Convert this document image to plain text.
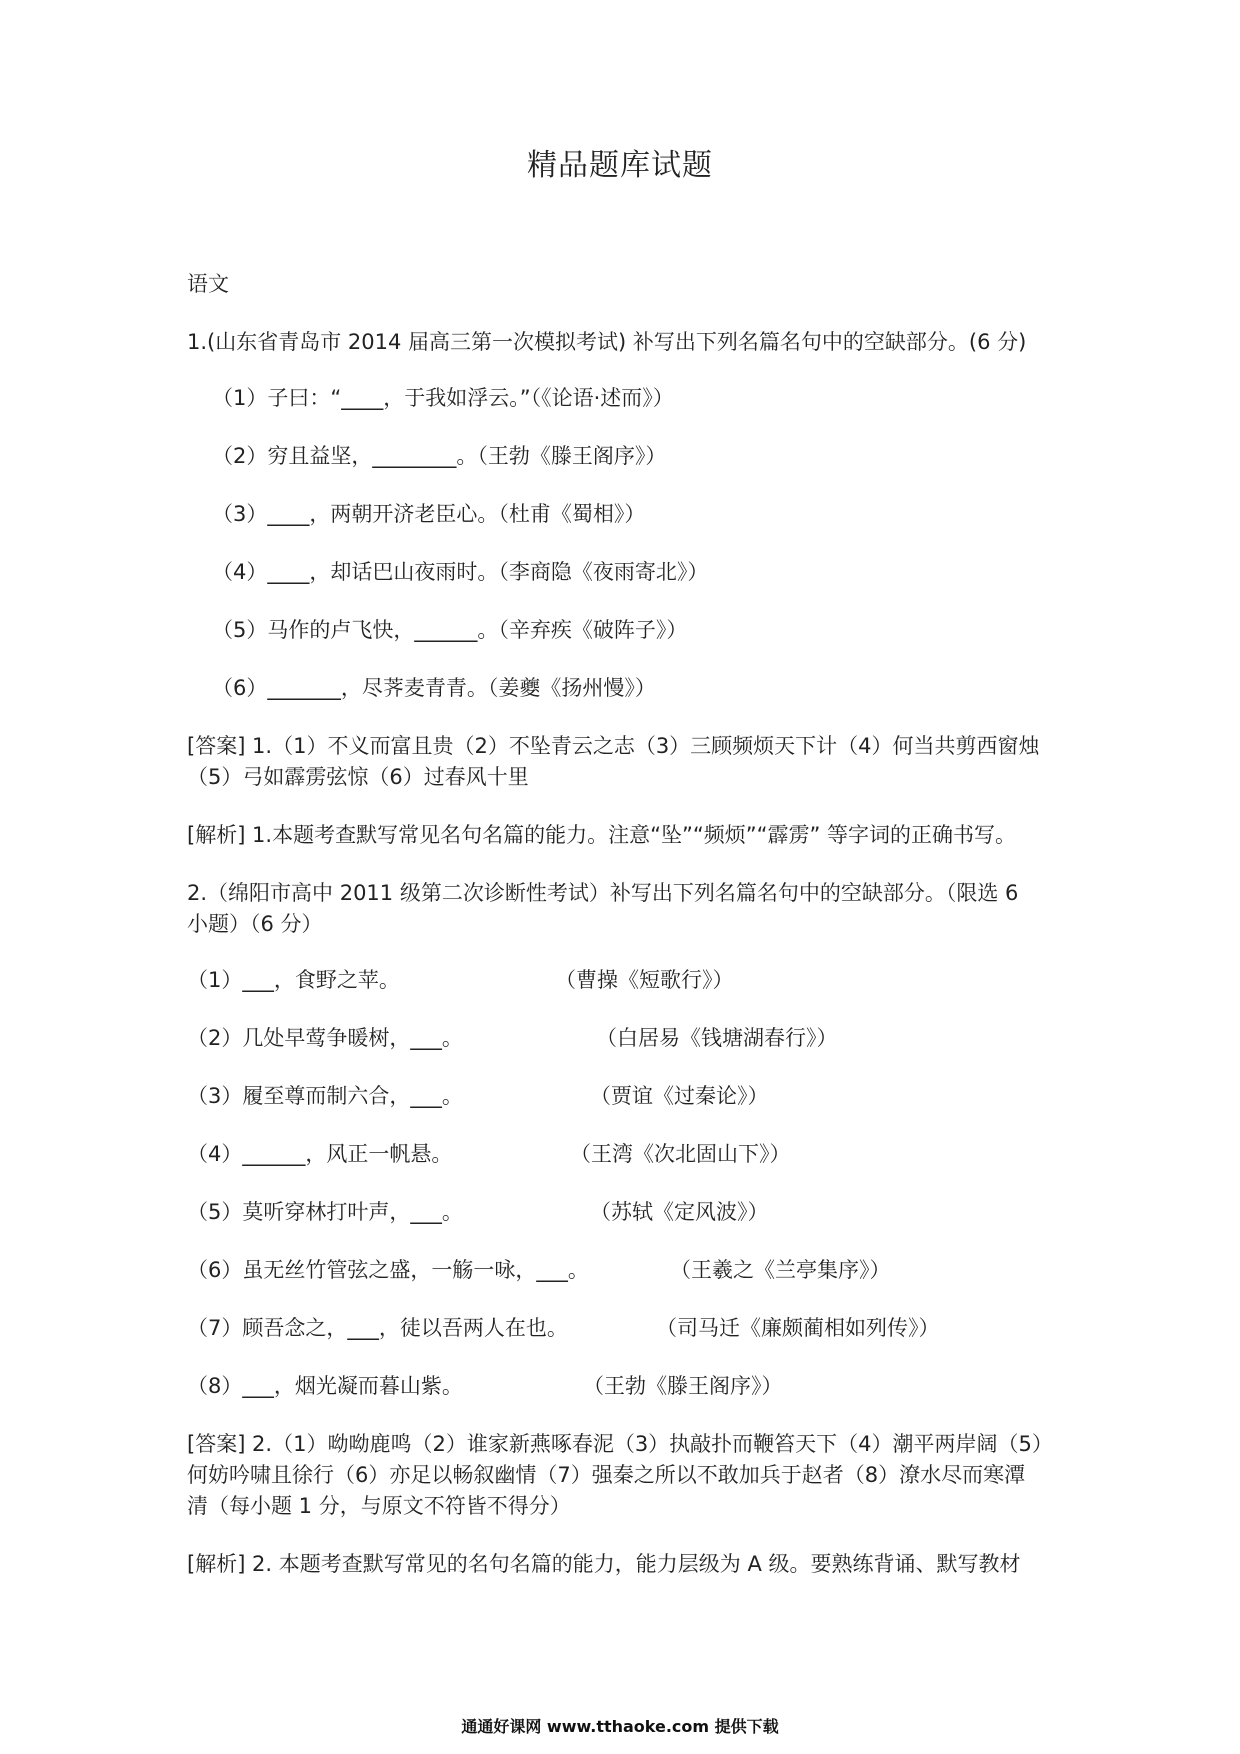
精品题库试题
语文
1.(山东省青岛市 2014 届高三第一次模拟考试) 补写出下列名篇名句中的空缺部分。(6 分)
（1）子曰：“____，于我如浮云。”（《论语·述而》）
（2）穷且益坚，________。（王勃《滕王阁序》）
（3）____，两朝开济老臣心。（杜甫《蜀相》）
（4）____，却话巴山夜雨时。（李商隐《夜雨寄北》）
（5）马作的卢飞快，______。（辛弃疾《破阵子》）
（6）_______，尽荠麦青青。（姜夔《扬州慢》）
[答案] 1.（1）不义而富且贵（2）不坠青云之志（3）三顾频烦天下计（4）何当共剪西窗烛
（5）弓如霹雳弦惊（6）过春风十里
[解析] 1.本题考查默写常见名句名篇的能力。注意“坠”“频烦”“霹雳” 等字词的正确书写。
2.（绵阳市高中 2011 级第二次诊断性考试）补写出下列名篇名句中的空缺部分。（限选 6
小题）（6 分）
（1）___，食野之苹。	（曹操《短歌行》）
（2）几处早莺争暖树，___。	（白居易《钱塘湖春行》）
（3）履至尊而制六合，___。	（贾谊《过秦论》）
（4）______，风正一帆悬。	（王湾《次北固山下》）
（5）莫听穿林打叶声，___。	（苏轼《定风波》）
（6）虽无丝竹管弦之盛，一觞一咏，___。	（王羲之《兰亭集序》）
（7）顾吾念之，___，徒以吾两人在也。	（司马迁《廉颇蔺相如列传》）
（8）___，烟光凝而暮山紫。	（王勃《滕王阁序》）
[答案] 2.（1）呦呦鹿鸣（2）谁家新燕啄春泥（3）执敲扑而鞭笞天下（4）潮平两岸阔（5）
何妨吟啸且徐行（6）亦足以畅叙幽情（7）强秦之所以不敢加兵于赵者（8）潦水尽而寒潭
清（每小题 1 分，与原文不符皆不得分）
[解析] 2. 本题考查默写常见的名句名篇的能力，能力层级为 A 级。要熟练背诵、默写教材
通通好课网 www.tthaoke.com 提供下载
